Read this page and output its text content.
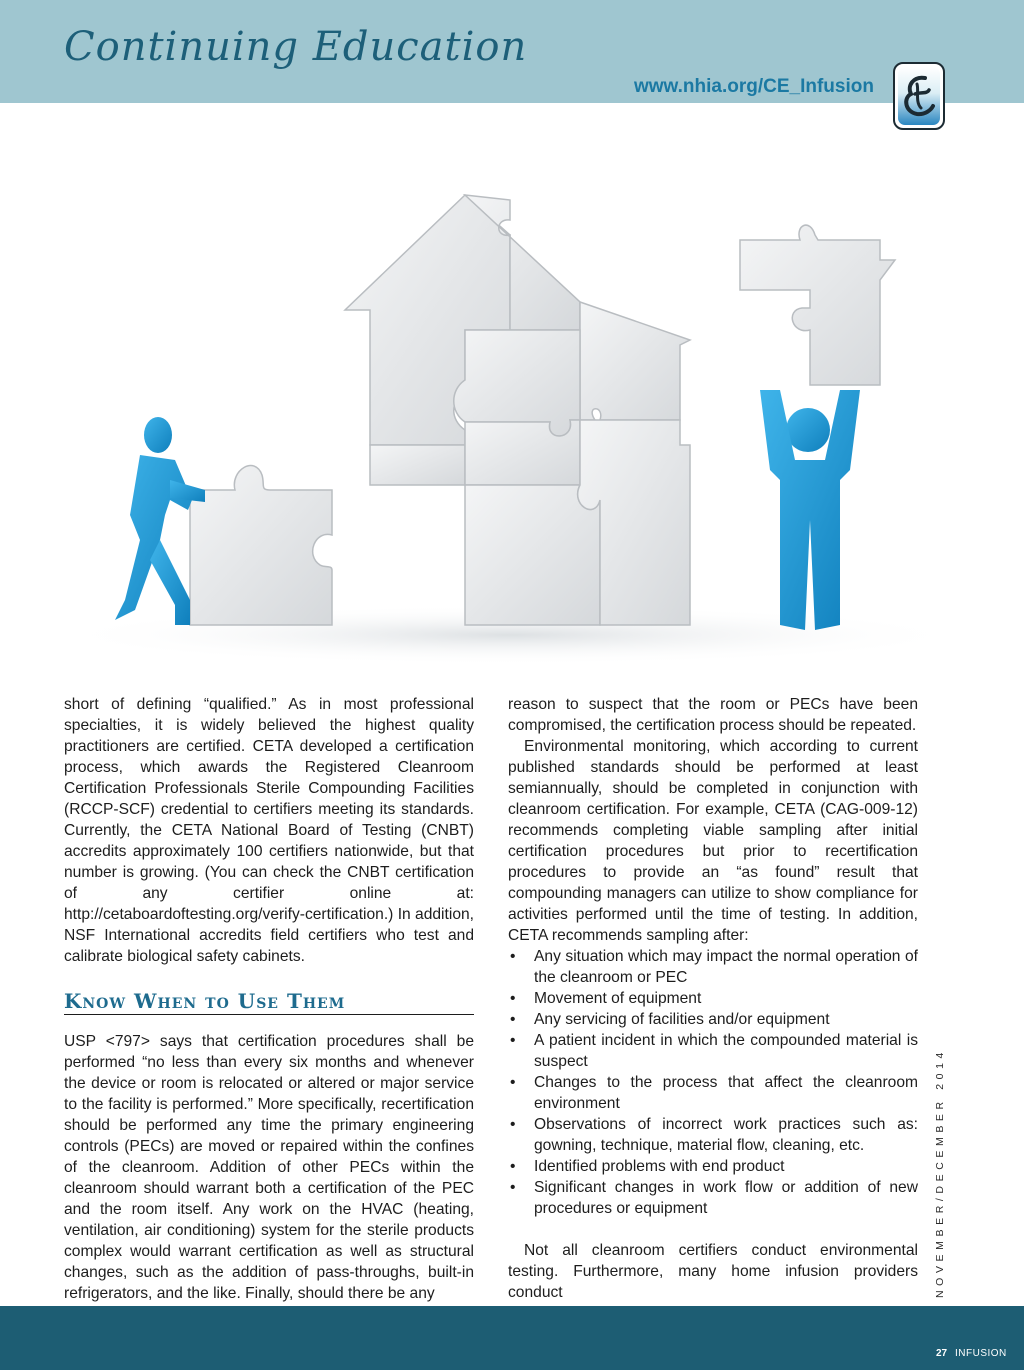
Continuing Education
www.nhia.org/CE_Infusion

short of defining “qualified.” As in most professional specialties, it is widely believed the highest quality practitioners are certified. CETA developed a certification process, which awards the Registered Cleanroom Certification Professionals Sterile Compounding Facilities (RCCP-SCF) credential to certifiers meeting its standards. Currently, the CETA National Board of Testing (CNBT) accredits approximately 100 certifiers nationwide, but that number is growing. (You can check the CNBT certification of any certifier online at: http://cetaboardoftesting.org/verify-certification.) In addition, NSF International accredits field certifiers who test and calibrate biological safety cabinets.

Know When to Use Them

USP <797> says that certification procedures shall be performed “no less than every six months and whenever the device or room is relocated or altered or major service to the facility is performed.” More specifically, recertification should be performed any time the primary engineering controls (PECs) are moved or repaired within the confines of the cleanroom. Addition of other PECs within the cleanroom should warrant both a certification of the PEC and the room itself. Any work on the HVAC (heating, ventilation, air conditioning) system for the sterile products complex would warrant certification as well as structural changes, such as the addition of pass-throughs, built-in refrigerators, and the like. Finally, should there be any

reason to suspect that the room or PECs have been compromised, the certification process should be repeated.

Environmental monitoring, which according to current published standards should be performed at least semiannually, should be completed in conjunction with cleanroom certification. For example, CETA (CAG-009-12) recommends completing viable sampling after initial certification procedures but prior to recertification procedures to provide an “as found” result that compounding managers can utilize to show compliance for activities performed until the time of testing. In addition, CETA recommends sampling after:

• Any situation which may impact the normal operation of the cleanroom or PEC
• Movement of equipment
• Any servicing of facilities and/or equipment
• A patient incident in which the compounded material is suspect
• Changes to the process that affect the cleanroom environment
• Observations of incorrect work practices such as: gowning, technique, material flow, cleaning, etc.
• Identified problems with end product
• Significant changes in work flow or addition of new procedures or equipment

Not all cleanroom certifiers conduct environmental testing. Furthermore, many home infusion providers conduct	NOVEMBER/DECEMBER 2014
27 INFUSION
